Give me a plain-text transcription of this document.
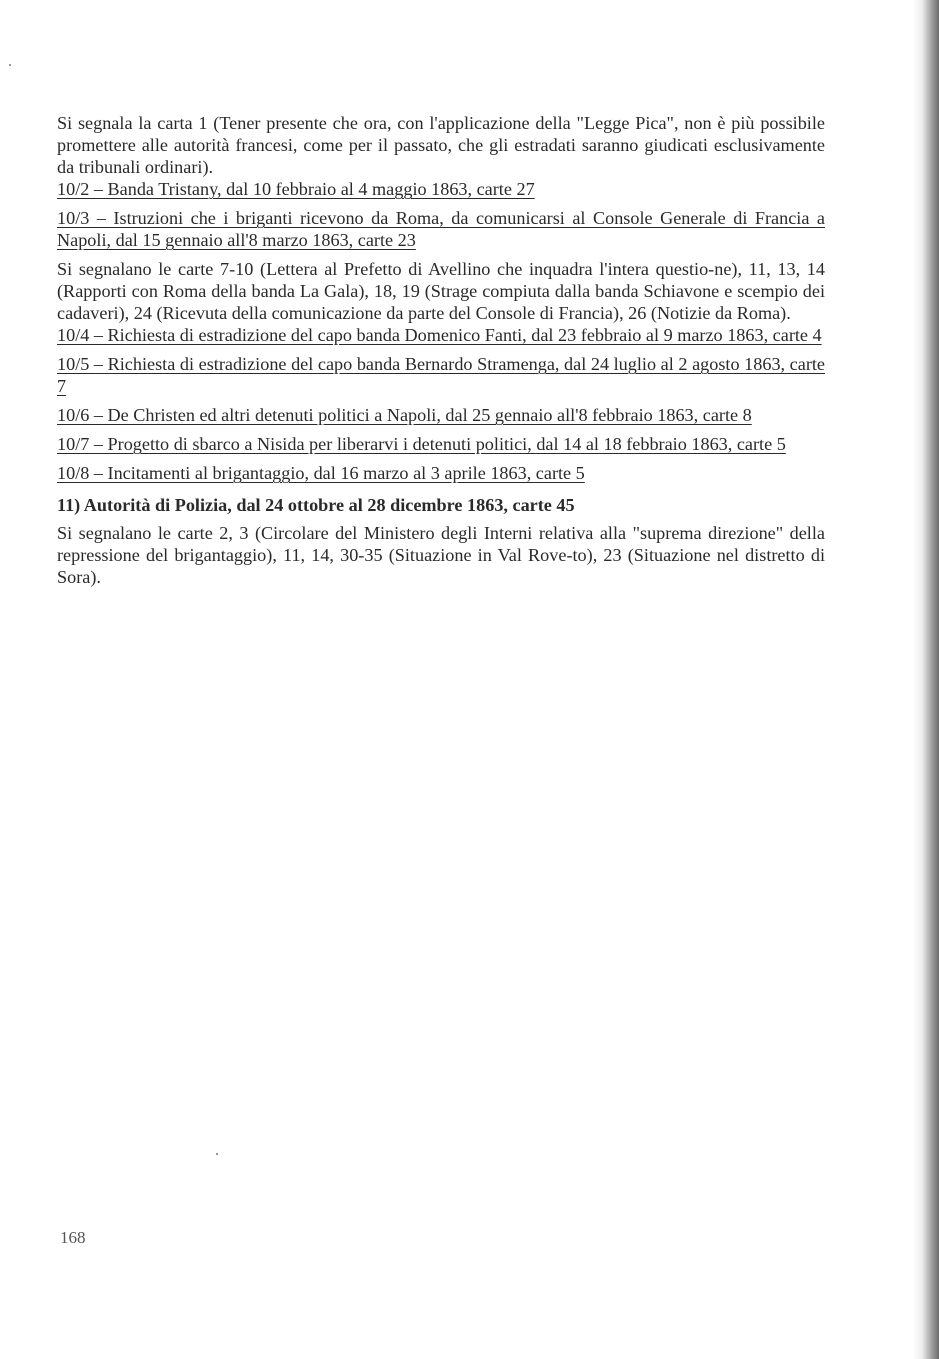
Si segnala la carta 1 (Tener presente che ora, con l'applicazione della "Legge Pica", non è più possibile promettere alle autorità francesi, come per il passato, che gli estradati saranno giudicati esclusivamente da tribunali ordinari).

10/2 – Banda Tristany, dal 10 febbraio al 4 maggio 1863, carte 27

10/3 – Istruzioni che i briganti ricevono da Roma, da comunicarsi al Console Generale di Francia a Napoli, dal 15 gennaio all'8 marzo 1863, carte 23

Si segnalano le carte 7-10 (Lettera al Prefetto di Avellino che inquadra l'intera questio-ne), 11, 13, 14 (Rapporti con Roma della banda La Gala), 18, 19 (Strage compiuta dalla banda Schiavone e scempio dei cadaveri), 24 (Ricevuta della comunicazione da parte del Console di Francia), 26 (Notizie da Roma).

10/4 – Richiesta di estradizione del capo banda Domenico Fanti, dal 23 febbraio al 9 marzo 1863, carte 4

10/5 – Richiesta di estradizione del capo banda Bernardo Stramenga, dal 24 luglio al 2 agosto 1863, carte 7

10/6 – De Christen ed altri detenuti politici a Napoli, dal 25 gennaio all'8 febbraio 1863, carte 8

10/7 – Progetto di sbarco a Nisida per liberarvi i detenuti politici, dal 14 al 18 febbraio 1863, carte 5

10/8 – Incitamenti al brigantaggio, dal 16 marzo al 3 aprile 1863, carte 5

11) Autorità di Polizia, dal 24 ottobre al 28 dicembre 1863, carte 45

Si segnalano le carte 2, 3 (Circolare del Ministero degli Interni relativa alla "suprema direzione" della repressione del brigantaggio), 11, 14, 30-35 (Situazione in Val Rove-to), 23 (Situazione nel distretto di Sora).

168
